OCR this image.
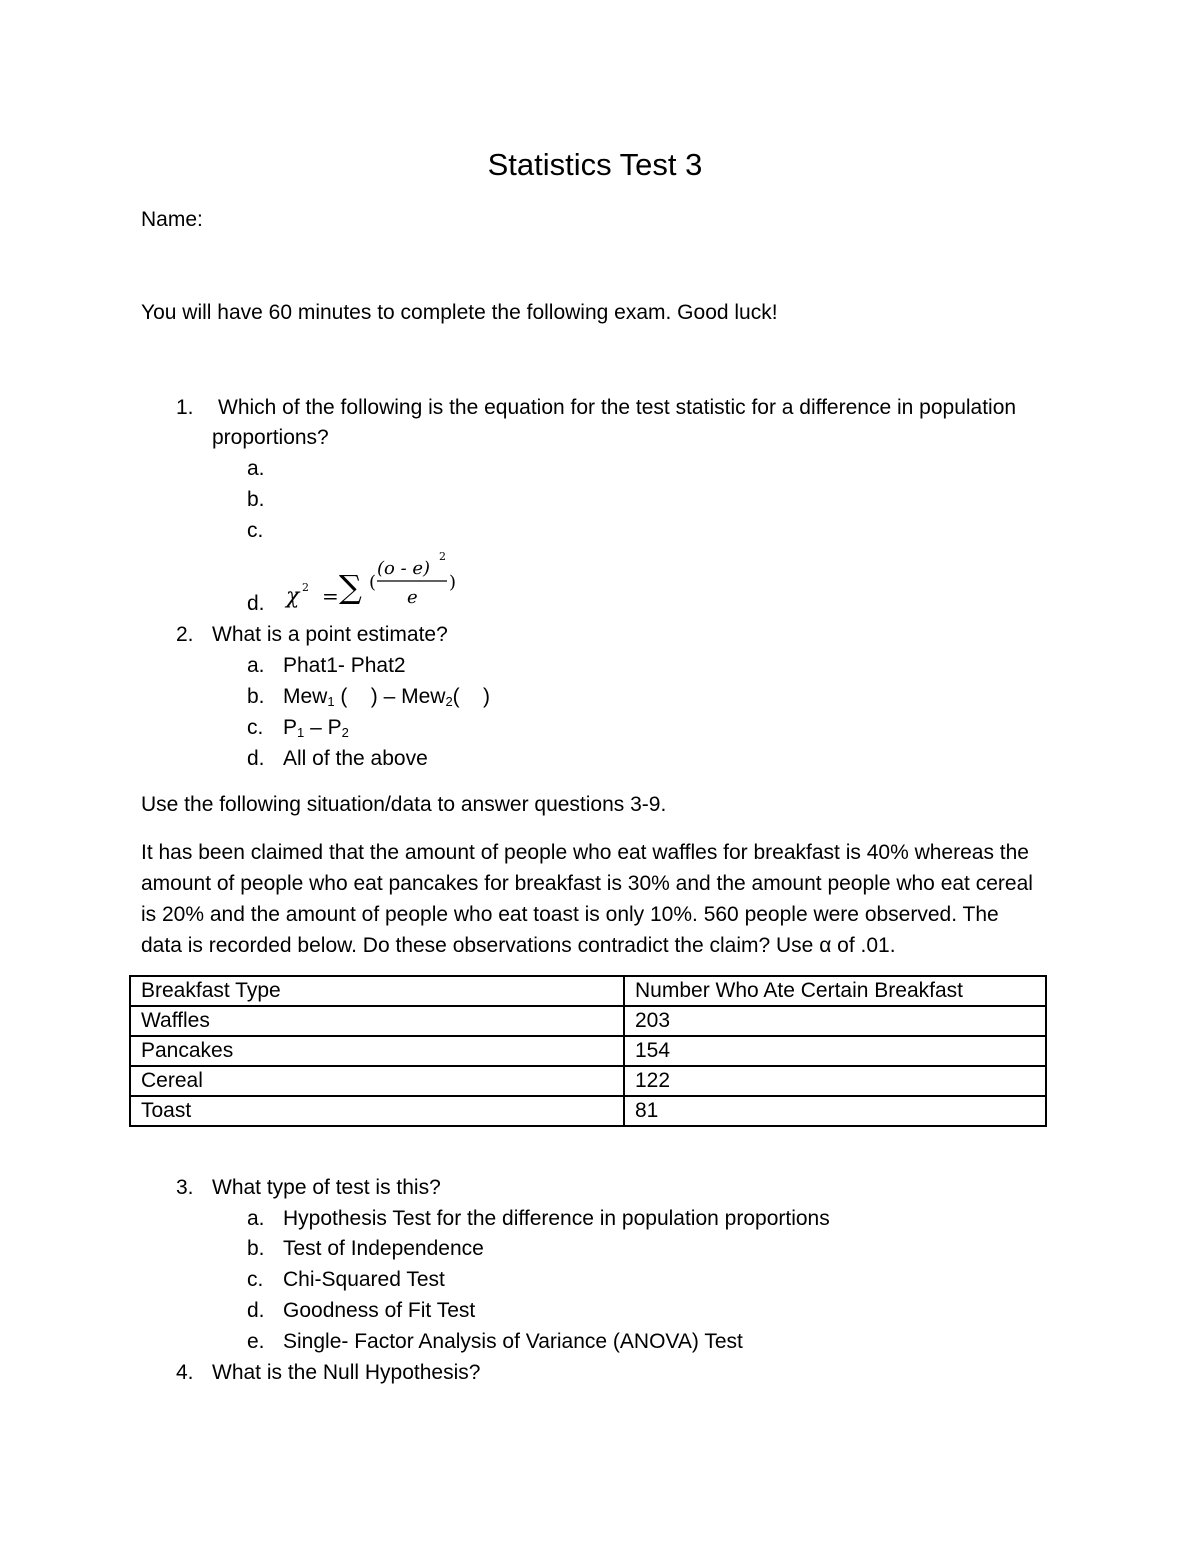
Statistics Test 3
Name:
You will have 60 minutes to complete the following exam. Good luck!
1. Which of the following is the equation for the test statistic for a difference in population
proportions?
a.
b.
c.
d. χ 2 = ∑ (
(o - e)
2
e
)
2. What is a point estimate?
a. Phat1- Phat2
b. Mew$_1$ (    ) – Mew$_2$(    )
c. $P_1 - P_2$
d. All of the above
Use the following situation/data to answer questions 3-9.
It has been claimed that the amount of people who eat waffles for breakfast is 40% whereas the
amount of people who eat pancakes for breakfast is 30% and the amount people who eat cereal
is 20% and the amount of people who eat toast is only 10%. 560 people were observed. The
data is recorded below. Do these observations contradict the claim? Use α of .01.
Breakfast Type	Number Who Ate Certain Breakfast
Waffles	203
Pancakes	154
Cereal	122
Toast	81
3. What type of test is this?
a. Hypothesis Test for the difference in population proportions
b. Test of Independence
c. Chi-Squared Test
d. Goodness of Fit Test
e. Single- Factor Analysis of Variance (ANOVA) Test
4. What is the Null Hypothesis?
